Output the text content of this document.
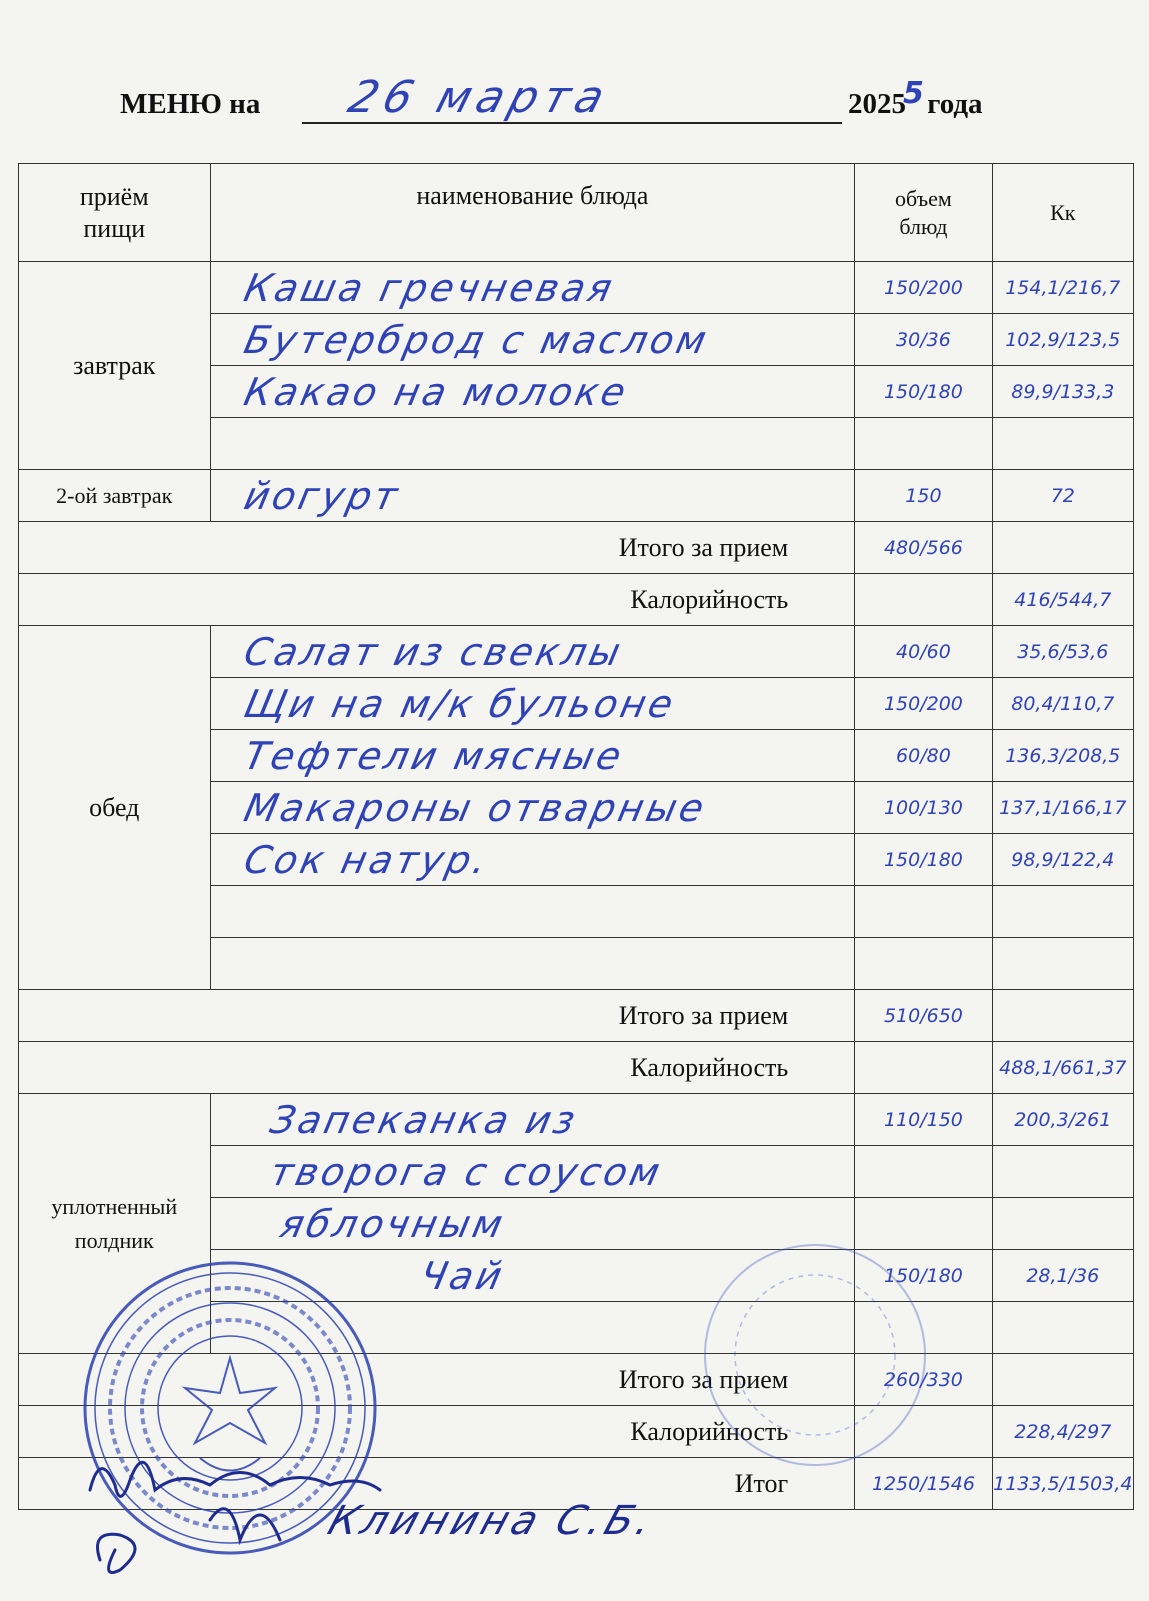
МЕНЮ на 26 марта	2025
5 года
приём
пищи	наименование блюда	объем
блюд	Кк
завтрак	Каша гречневая	150/200	154,1/216,7

	Бутерброд с маслом	30/36	102,9/123,5

	Какао на молоке	150/180	89,9/133,3

2-ой завтрак	йогурт	150	72

Итого за прием		480/566	

Калорийность			416/544,7

обед	Салат из свеклы	40/60	35,6/53,6

	Щи на м/к бульоне	150/200	80,4/110,7

	Тефтели мясные	60/80	136,3/208,5

	Макароны отварные	100/130	137,1/166,17

	Сок натур.	150/180	98,9/122,4

Итого за прием		510/650	

Калорийность			488,1/661,37

уплотненный
полдник	Запеканка из	110/150	200,3/261

	творога с соусом		
	яблочным		
	Чай	150/180	28,1/36

Итого за прием		260/330	

Калорийность			228,4/297

Итог		1250/1546	1133,5/1503,4
Клинина С.Б.
